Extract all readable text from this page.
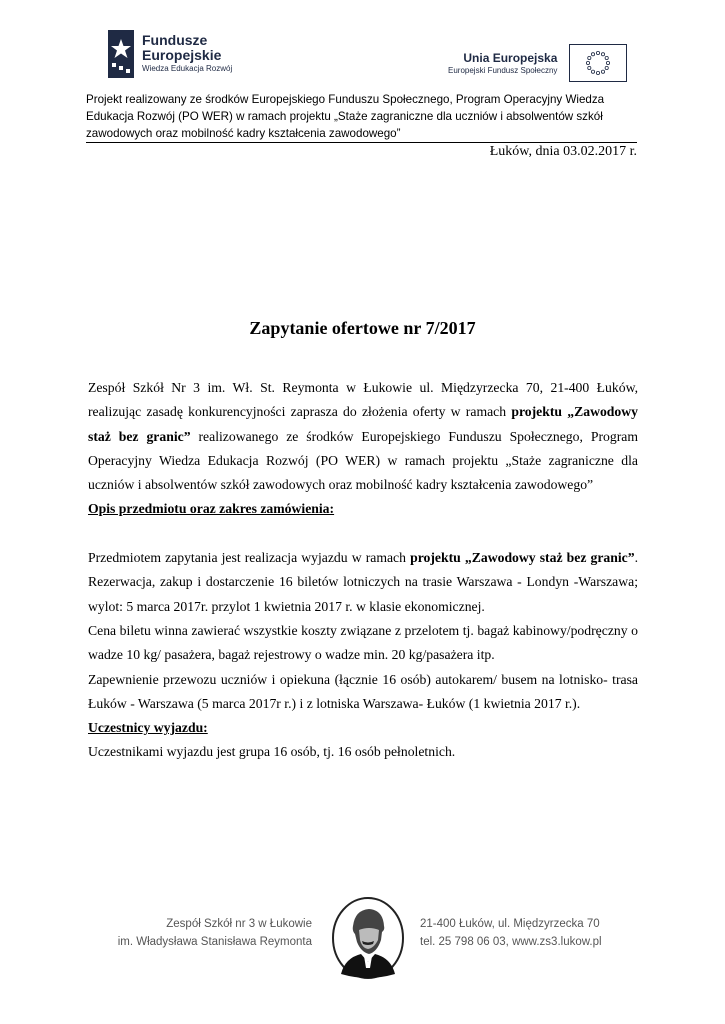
Fundusze
Europejskie
Wiedza Edukacja Rozwój
Unia Europejska
Europejski Fundusz Społeczny
Projekt realizowany ze środków Europejskiego Funduszu Społecznego, Program Operacyjny Wiedza Edukacja Rozwój (PO WER) w ramach projektu „Staże zagraniczne dla uczniów i absolwentów szkół zawodowych oraz mobilność kadry kształcenia zawodowego”
Łuków, dnia 03.02.2017 r.
Zapytanie ofertowe nr 7/2017

Zespół Szkół Nr 3 im. Wł. St. Reymonta w Łukowie ul. Międzyrzecka 70, 21-400 Łuków, realizując zasadę konkurencyjności zaprasza do złożenia oferty w ramach projektu „Zawodowy staż bez granic” realizowanego ze środków Europejskiego Funduszu Społecznego, Program Operacyjny Wiedza Edukacja Rozwój (PO WER) w ramach projektu „Staże zagraniczne dla uczniów i absolwentów szkół zawodowych oraz mobilność kadry kształcenia zawodowego”

Opis przedmiotu oraz zakres zamówienia:

Przedmiotem zapytania jest realizacja wyjazdu w ramach projektu „Zawodowy staż bez granic”. Rezerwacja, zakup i dostarczenie 16 biletów lotniczych na trasie Warszawa - Londyn -Warszawa; wylot: 5 marca 2017r. przylot 1 kwietnia 2017 r. w klasie ekonomicznej.

Cena biletu winna zawierać wszystkie koszty związane z przelotem tj. bagaż kabinowy/podręczny o wadze 10 kg/ pasażera, bagaż rejestrowy o wadze min. 20 kg/pasażera itp.

Zapewnienie przewozu uczniów i opiekuna (łącznie 16 osób) autokarem/ busem na lotnisko- trasa Łuków - Warszawa (5 marca 2017r r.) i z lotniska Warszawa- Łuków (1 kwietnia 2017 r.).

Uczestnicy wyjazdu:

Uczestnikami wyjazdu jest grupa 16 osób, tj. 16 osób pełnoletnich.

Zespół Szkół nr 3 w Łukowie
im. Władysława Stanisława Reymonta
21-400 Łuków, ul. Międzyrzecka 70
tel. 25 798 06 03, www.zs3.lukow.pl
